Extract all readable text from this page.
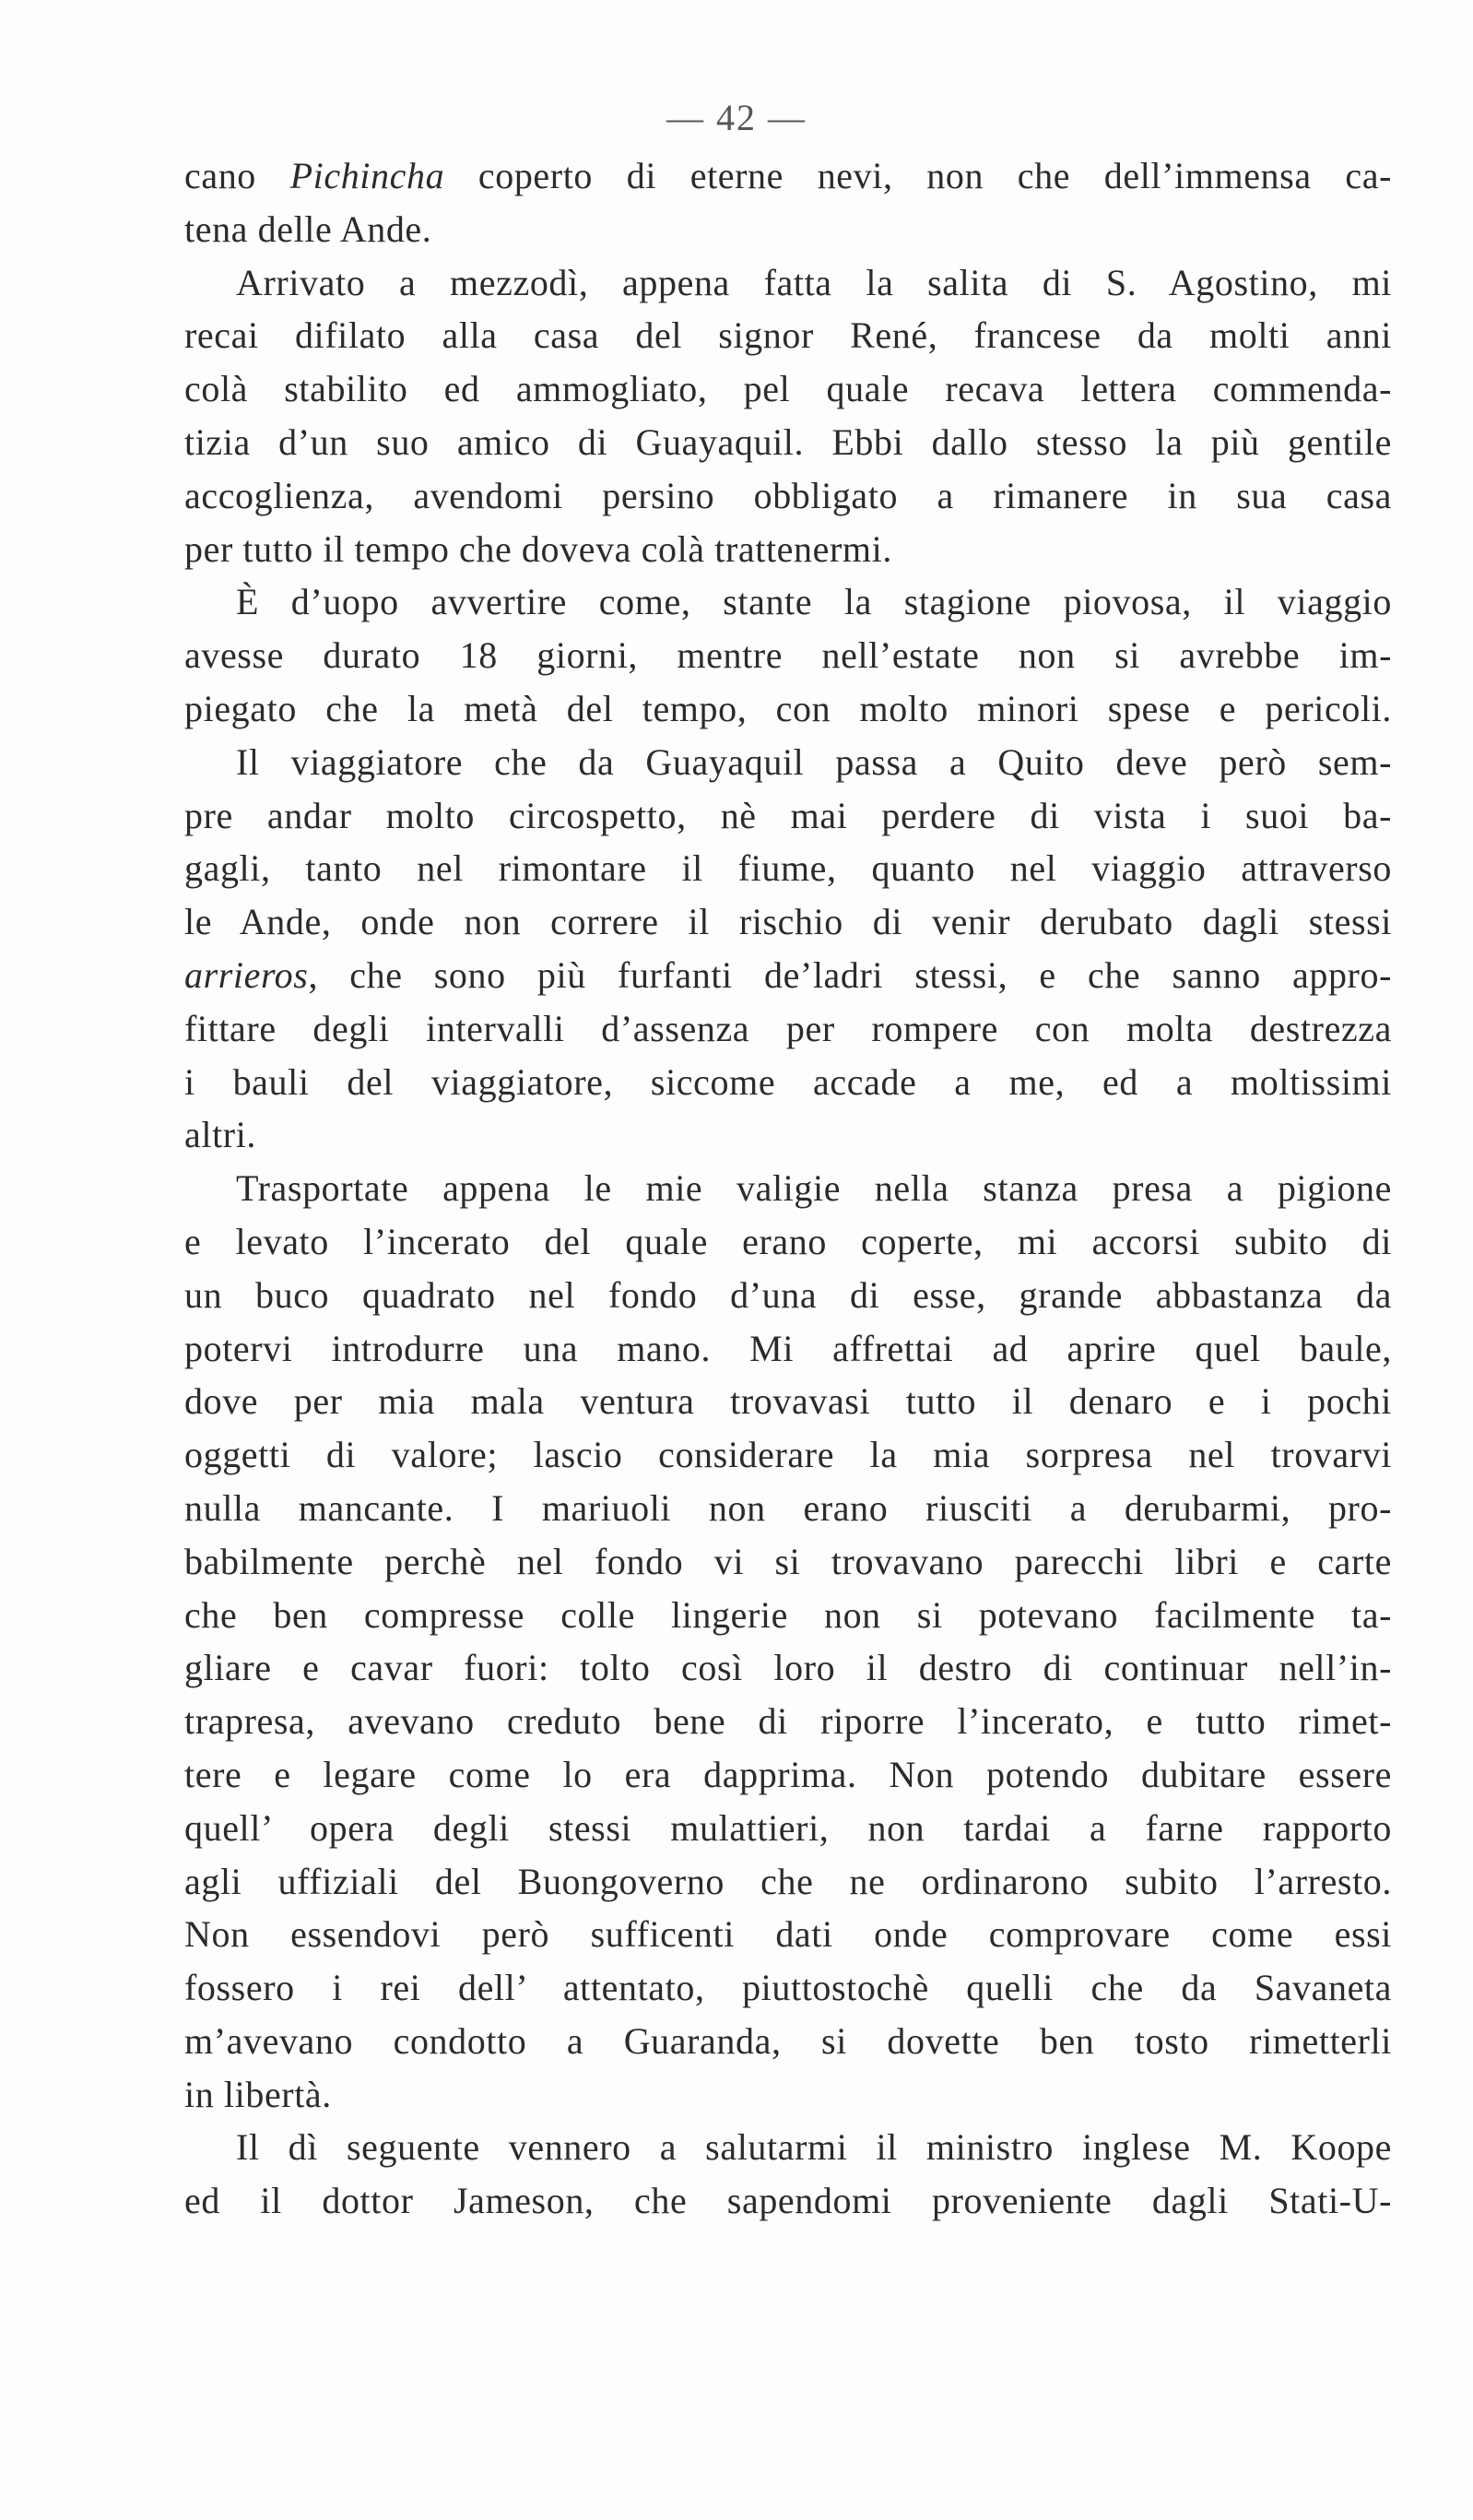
— 42 —
cano Pichincha coperto di eterne nevi, non che dell’immensa ca-
tena delle Ande.
Arrivato a mezzodì, appena fatta la salita di S. Agostino, mi
recai difilato alla casa del signor René, francese da molti anni
colà stabilito ed ammogliato, pel quale recava lettera commenda-
tizia d’un suo amico di Guayaquil. Ebbi dallo stesso la più gentile
accoglienza, avendomi persino obbligato a rimanere in sua casa
per tutto il tempo che doveva colà trattenermi.
È d’uopo avvertire come, stante la stagione piovosa, il viaggio
avesse durato 18 giorni, mentre nell’estate non si avrebbe im-
piegato che la metà del tempo, con molto minori spese e pericoli.
Il viaggiatore che da Guayaquil passa a Quito deve però sem-
pre andar molto circospetto, nè mai perdere di vista i suoi ba-
gagli, tanto nel rimontare il fiume, quanto nel viaggio attraverso
le Ande, onde non correre il rischio di venir derubato dagli stessi
arrieros, che sono più furfanti de’ladri stessi, e che sanno appro-
fittare degli intervalli d’assenza per rompere con molta destrezza
i bauli del viaggiatore, siccome accade a me, ed a moltissimi
altri.
Trasportate appena le mie valigie nella stanza presa a pigione
e levato l’incerato del quale erano coperte, mi accorsi subito di
un buco quadrato nel fondo d’una di esse, grande abbastanza da
potervi introdurre una mano. Mi affrettai ad aprire quel baule,
dove per mia mala ventura trovavasi tutto il denaro e i pochi
oggetti di valore; lascio considerare la mia sorpresa nel trovarvi
nulla mancante. I mariuoli non erano riusciti a derubarmi, pro-
babilmente perchè nel fondo vi si trovavano parecchi libri e carte
che ben compresse colle lingerie non si potevano facilmente ta-
gliare e cavar fuori: tolto così loro il destro di continuar nell’in-
trapresa, avevano creduto bene di riporre l’incerato, e tutto rimet-
tere e legare come lo era dapprima. Non potendo dubitare essere
quell’ opera degli stessi mulattieri, non tardai a farne rapporto
agli uffiziali del Buongoverno che ne ordinarono subito l’arresto.
Non essendovi però sufficenti dati onde comprovare come essi
fossero i rei dell’ attentato, piuttostochè quelli che da Savaneta
m’avevano condotto a Guaranda, si dovette ben tosto rimetterli
in libertà.
Il dì seguente vennero a salutarmi il ministro inglese M. Koope
ed il dottor Jameson, che sapendomi proveniente dagli Stati-U-
